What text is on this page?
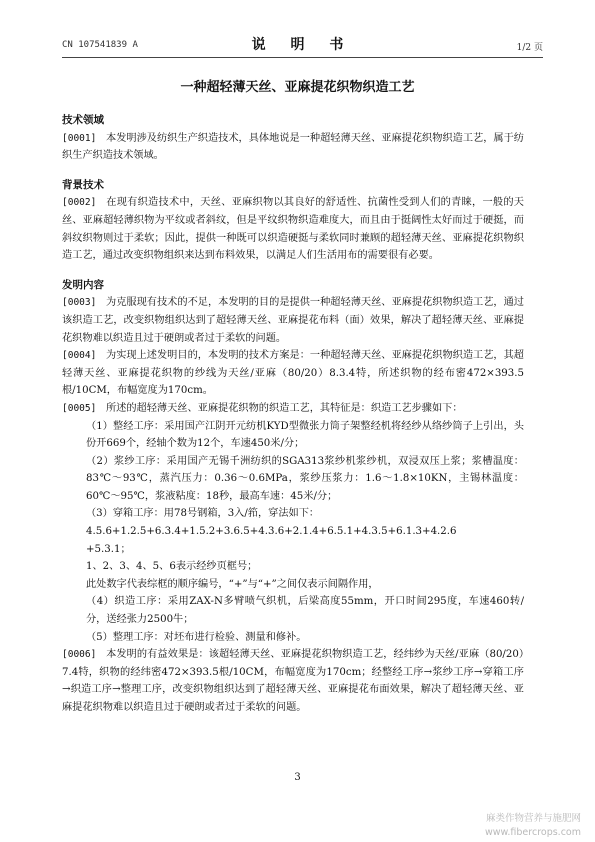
CN 107541839 A	说 明 书	1/2 页
一种超轻薄天丝、亚麻提花织物织造工艺

技术领域

[0001] 本发明涉及纺织生产织造技术，具体地说是一种超轻薄天丝、亚麻提花织物织造工艺，属于纺织生产织造技术领域。

背景技术

[0002] 在现有织造技术中，天丝、亚麻织物以其良好的舒适性、抗菌性受到人们的青睐，一般的天丝、亚麻超轻薄织物为平纹或者斜纹，但是平纹织物织造难度大，而且由于挺阔性太好而过于硬挺，而斜纹织物则过于柔软；因此，提供一种既可以织造硬挺与柔软同时兼顾的超轻薄天丝、亚麻提花织物织造工艺，通过改变织物组织来达到布料效果，以满足人们生活用布的需要很有必要。

发明内容

[0003] 为克服现有技术的不足，本发明的目的是提供一种超轻薄天丝、亚麻提花织物织造工艺，通过该织造工艺，改变织物组织达到了超轻薄天丝、亚麻提花布料（面）效果，解决了超轻薄天丝、亚麻提花织物难以织造且过于硬朗或者过于柔软的问题。

[0004] 为实现上述发明目的，本发明的技术方案是：一种超轻薄天丝、亚麻提花织物织造工艺，其超轻薄天丝、亚麻提花织物的纱线为天丝/亚麻（80/20）8.3.4特，所述织物的经布密472×393.5根/10CM，布幅宽度为170cm。

[0005] 所述的超轻薄天丝、亚麻提花织物的织造工艺，其特征是：织造工艺步骤如下：

（1）整经工序：采用国产江阴开元纺机KYD型微张力筒子架整经机将经纱从络纱筒子上引出，头份开669个，经轴个数为12个，车速450米/分；

（2）浆纱工序：采用国产无锡千洲纺织的SGA313浆纱机浆纱机，双浸双压上浆；浆槽温度：83℃～93℃，蒸汽压力：0.36～0.6MPa，浆纱压浆力：1.6～1.8×10KN，主锡林温度：60℃～95℃，浆液粘度：18秒，最高车速：45米/分；

（3）穿箱工序：用78号钢箱，3入/筘，穿法如下：

4.5.6+1.2.5+6.3.4+1.5.2+3.6.5+4.3.6+2.1.4+6.5.1+4.3.5+6.1.3+4.2.6

+5.3.1；

1、2、3、4、5、6表示经纱页框号；

此处数字代表综框的顺序编号，“+”与“+”之间仅表示间隔作用，

（4）织造工序：采用ZAX-N多臂喷气织机，后梁高度55mm，开口时间295度，车速460转/分，送经张力2500牛；

（5）整理工序：对坯布进行检验、测量和修补。

[0006] 本发明的有益效果是：该超轻薄天丝、亚麻提花织物织造工艺，经纬纱为天丝/亚麻（80/20）7.4特，织物的经纬密472×393.5根/10CM，布幅宽度为170cm；经整经工序→浆纱工序→穿箱工序→织造工序→整理工序，改变织物组织达到了超轻薄天丝、亚麻提花布面效果，解决了超轻薄天丝、亚麻提花织物难以织造且过于硬朗或者过于柔软的问题。

3
麻类作物营养与施肥网
www.fibercrops.com
